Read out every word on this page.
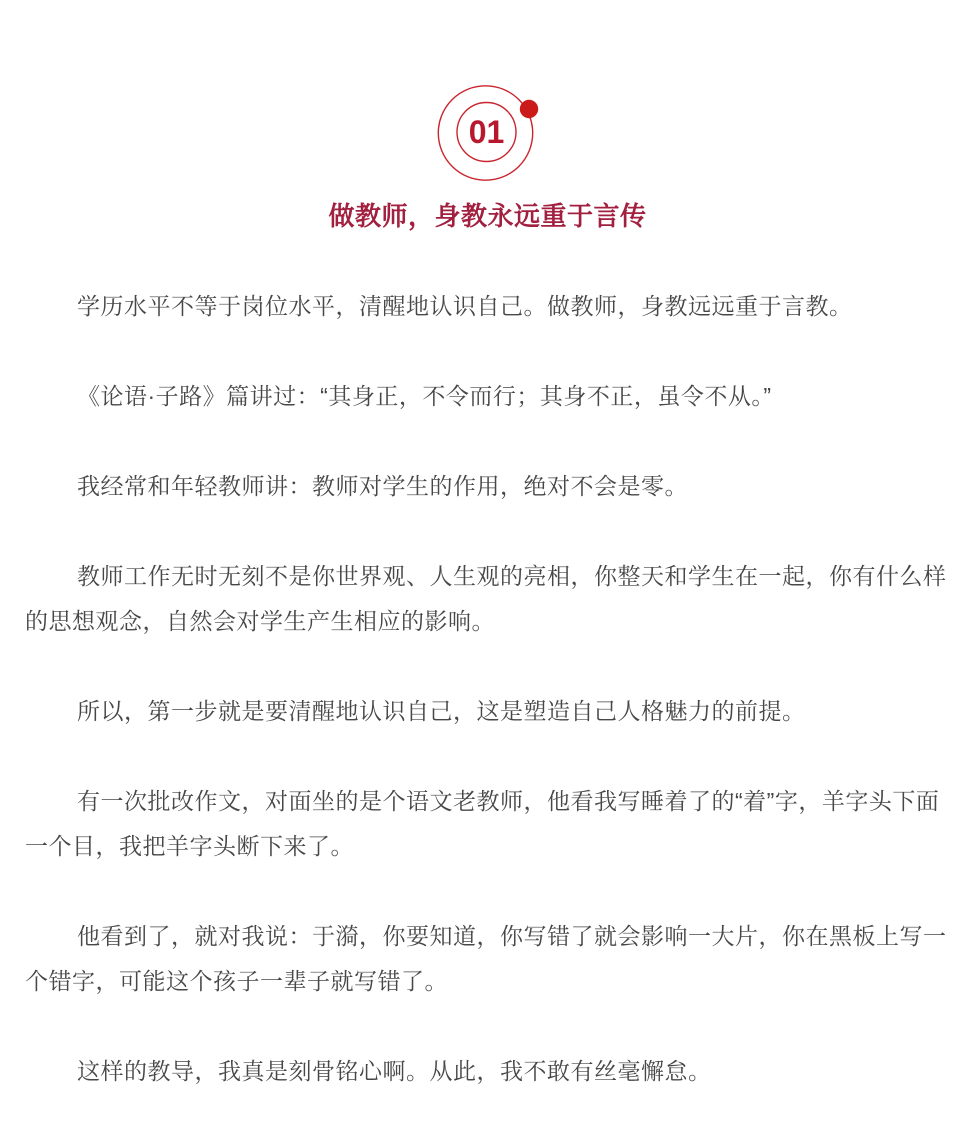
01
做教师，身教永远重于言传

学历水平不等于岗位水平，清醒地认识自己。做教师，身教远远重于言教。

《论语·子路》篇讲过：“其身正，不令而行；其身不正，虽令不从。”

我经常和年轻教师讲：教师对学生的作用，绝对不会是零。

教师工作无时无刻不是你世界观、人生观的亮相，你整天和学生在一起，你有什么样
的思想观念，自然会对学生产生相应的影响。

所以，第一步就是要清醒地认识自己，这是塑造自己人格魅力的前提。

有一次批改作文，对面坐的是个语文老教师，他看我写睡着了的“着”字，羊字头下面
一个目，我把羊字头断下来了。

他看到了，就对我说：于漪，你要知道，你写错了就会影响一大片，你在黑板上写一
个错字，可能这个孩子一辈子就写错了。

这样的教导，我真是刻骨铭心啊。从此，我不敢有丝毫懈怠。
